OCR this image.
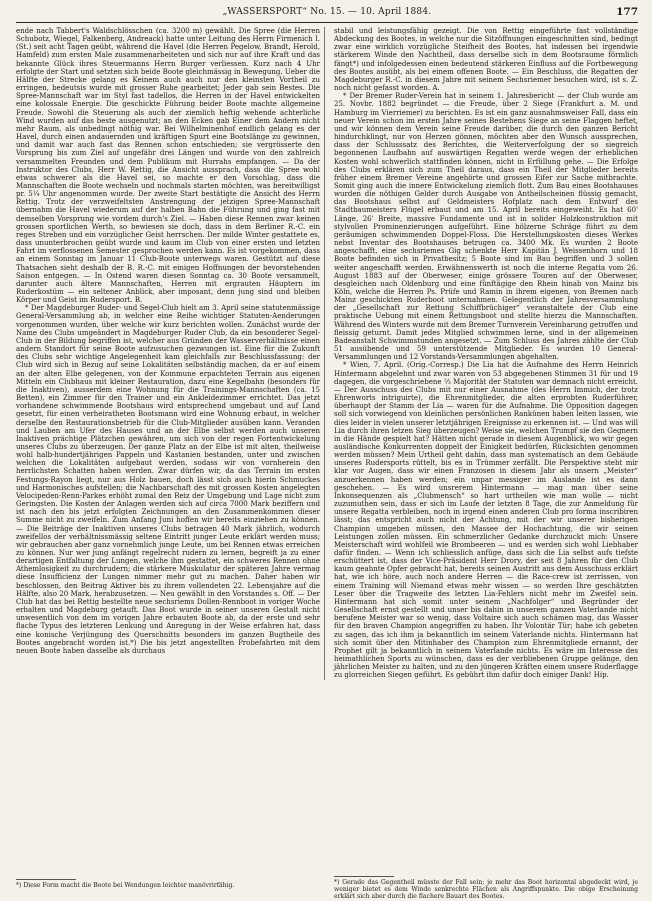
„WASSERSPORT“ No. 15. — 10. April 1884.	177

ende nach Tabbert's Waldschlösschen (ca. 3200 m) gewählt. Die Spree (die Herren Schubotz, Wiegel, Falkenberg, Andreack) hatte unter Leitung des Herrn Firmenich I. (St.) seit acht Tagen geübt, während die Havel (die Herren Pegelow, Brandt, Herold, Hamfeld) zum ersten Male zusammenarbeiteten und sich nur auf ihre Kraft und das bekannte Glück ihres Steuermanns Herrn Burger verliessen. Kurz nach 4 Uhr erfolgte der Start und setzten sich beide Boote gleichmässig in Bewegung. Ueber die Hälfte der Strecke gelang es Keinem auch auch nur den kleinsten Vortheil zu erringen, bedeutsis wurde mit grosser Ruhe gearbeitet; Jeder gab sein Bestes. Die Spree-Mannschaft war im Styl fast tadellos, die Herren in der Havel entwickelten eine kolossale Energie. Die geschickte Führung beider Boote machte allgemeine Freude. Sowohl die Steuerung als auch der ziemlich heftig wehende achterliche Wind wurden auf das beste ausgenutzt; an den Ecken gab Einer dem Andern nicht mehr Raum, als unbedingt nöthig war. Bei Wilhelminenhof endlich gelang es der Havel, durch einen andauernden und kräftigen Spurt eine Bootslänge zu gewinnen, und damit war auch fast das Rennen schon entschieden; sie vergrösserte den Vorsprung bis zum Ziel auf ungefähr drei Längen und wurde von den zahlreich versammelten Freunden und dem Publikum mit Hurrahs empfangen. — Da der Instruktor des Clubs, Herr W. Rettig, die Ansicht aussprach, dass die Spree wohl etwas schwerer als die Havel sei, so machte er den Vorschlag, dass die Mannschaften die Boote wechseln und nochmals starten möchten, was bereitwilligst pr. 5¼ Uhr angenommen wurde. Der zweite Start bestätigte die Ansicht des Herrn Rettig. Trotz der verzweifeltsten Anstrengung der jetzigen Spree-Mannschaft übernahm die Havel wiederum auf der halben Bahn die Führung und ging fast mit demselben Vorsprung wie vordem durch's Ziel. — Haben diese Rennen zwar keinen grossen sportlichen Werth, so bewiesen sie doch, dass in dem Berliner R.-C. ein reges Streben und ein vorzüglicher Geist herrschen. Der milde Winter gestattete es, dass ununterbrochen geübt wurde und kaum im Club von einer ersten und letzten Fahrt im verflossenen Semester gesprochen werden kann. Es ist vorgekommen, dass an einem Sonntag im Januar 11 Club-Boote unterwegs waren. Gestützt auf diese Thatsachen sieht deshalb der B. R.-C. mit einigen Hoffnungen der bevorstehenden Saison entgegen. — In Ostend waren diesen Sonntag ca. 30 Boote versammelt, darunter auch ältere Mannschaften, Herren mit ergrauten Häuptern im Ruderkostüm — ein seltener Anblick, aber imposant, denn jung sind und bleiben Körper und Geist im Rudersport. B.

* Der Magdeburger Ruder- und Segel-Club hielt am 3. April seine statutenmässige General-Versammlung ab, in welcher eine Reihe wichtiger Statuten-Aenderungen vorgenommen wurden, über welche wir kurz berichten wollen. Zunächst wurde der Name des Clubs umgeändert in Magdeburger Ruder Club, da ein besonderer Segel-Club in der Bildung begriffen ist, welcher aus Gründen der Wasserverhältnisse einen andern Standort für seine Boote aufzusuchen gezwungen ist. Eine für die Zukunft des Clubs sehr wichtige Angelegenheit kam gleichfalls zur Beschlussfassung: der Club wird sich in Bezug auf seine Lokalitäten selbständig machen, da er auf einem an der alten Elbe gelegenen, von der Kommune erpachteten Terrain aus eigenen Mitteln ein Clubhaus mit kleiner Restauration, dazu eine Kegelbahn (besonders für die Inaktiven), ausserdem eine Wohnung für die Trainings-Mannschaften (ca. 15 Betten), ein Zimmer für den Trainer und ein Ankleidezimmer errichtet. Das jetzt vorhandene schwimmende Bootshaus wird entsprechend umgebaut und auf Land gesetzt, für einen verheiratheten Bootsmann wird eine Wohnung erbaut, in welcher derselbe den Restaurationsbetrieb für die Club-Mitglieder ausüben kann. Veranden und Lauben am Ufer des Hauses und an der Elbe selbst werden auch unseren Inaktiven prächtige Plätzchen gewähren, um sich von der regen Fortentwickelung unseres Clubs zu überzeugen. Der ganze Platz an der Elbe ist mit alten, theilweise wohl halb-hundertjährigen Pappeln und Kastanien bestanden, unter und zwischen welchen die Lokalitäten aufgebaut werden, sodass wir von vornherein den herrlichsten Schatten haben werden. Zwar dürfen wir, da das Terrain im ersten Festungs-Rayon liegt, nur aus Holz bauen, doch lässt sich auch hierin Schmuckes und Harmonisches aufstellen; die Nachbarschaft des mit grossen Kosten angelegten Velocipeden-Renn-Parkes erhöht zumal den Reiz der Umgebung und Lage nicht zum Geringsten. Die Kosten der Anlagen werden sich auf circa 7000 Mark beziffern und ist nach den bis jetzt erfolgten Zeichnungen an den Zusammenkommen dieser Summe nicht zu zweifeln. Zum Anfang Juni hoffen wir bereits einziehen zu können. — Die Beiträge der Inaktiven unseres Clubs betragen 40 Mark jährlich, wodurch zweifellos der verhältnissmässig seltene Eintritt junger Leute erklärt werden muss; wir gebrauchen aber ganz vornehmlich junge Leute, um bei Rennen etwas erreichen zu können. Nur wer jung anfängt regelrecht rudern zu lernen, begreift ja zu einer derartigen Entfaltung der Lungen, welche ihm gestattet, ein schweres Rennen ohne Athemlosigkeit zu durchrudern; die stärkere Muskulatur der späteren Jahre vermag diese Insufficienz der Lungen nimmer mehr gut zu machen. Daher haben wir beschlossen, den Beitrag Aktiver bis zu ihrem vollendeten 22. Lebensjahre auf die Hälfte, also 20 Mark, herabzusetzen. — Neu gewählt in den Vorstandes s. Off. — Der Club hat das bei Rettig bestellte neue sechsriems Dollen-Rennboot in voriger Woche erhalten und Magdeburg getauft. Das Boot wurde in seiner unseren Gestalt nicht unwesentlich von dem im vorigen Jahre erbauten Boote ab, da der erste und sehr flache Typus des letzteren Lenkung und Anregung in der Weise erfahren hat, dass eine konische Verjüngung des Querschnitts besonders im ganzen Bugtheile des Bootes angebracht worden ist.*) Die bis jetzt angestellten Probefahrten mit dem neuen Boote haben dasselbe als durchaus

*) Diese Form macht die Boote bei Wendungen leichter manövrirfähig.

stabil und leistungsfähig gezeigt. Die von Rettig eingeführte fast vollständige Abdeckung des Bootes, in welche nur die Sitzöffnungen eingeschnitten sind, bedingt zwar eine wirklich vorzügliche Steifheit des Bootes, hat indessen bei irgendwie stärkerem Winde den Nachtheil, dass derselbe sich in dem Bootsraume förmlich fängt*) und infolgedessen einen bedeutend stärkeren Einfluss auf die Fortbewegung des Bootes ausübt, als bei einem offenen Boote. — Ein Beschluss, die Regatten der Magdeburger R.-C. in diesem Jahre mit seinem Sechsriemer besuchen wird, ist s. Z. noch nicht gefasst worden. A.

* Der Bremer Ruder-Verein hat in seinem 1. Jahresbericht — der Club wurde am 25. Novbr. 1882 begründet — die Freude, über 2 Siege (Frankfurt a. M. und Hamburg im Vierriemer) zu berichten. Es ist ein ganz ausnahmsweiser Fall, dass ein neuer Verein schon im ersten Jahre seines Bestehens Siege an seine Flaggen heftet, und wir können dem Verein seine Freude darüber, die durch den ganzen Bericht hindurchklingt, nur von Herzen gönnen, möchten aber den Wunsch aussprechen, dass der Schlusssatz des Berichtes, die Weiterverfolgung der so siegreich begonnenen Laufbahn auf auswärtigen Regatten werde wegen der erheblichen Kosten wohl schwerlich stattfinden können, nicht in Erfüllung gehe. — Die Erfolge des Clubs erklären sich zum Theil daraus, dass ein Theil der Mitglieder bereits früher einem Bremer Vereine angehörte und grossen Eifer zur Sache mitbrachte. Somit ging auch die innere Entwickelung ziemlich flott. Zum Bau eines Bootshauses wurden die nöthigen Gelder durch Ausgabe von Antheilscheinen flüssig gemacht, das Bootshaus selbst auf Geldmeisters Hofplatz nach dem Entwurf des Stadtbaumeisters Flügel erbaut und am 15. April bereits eingeweiht. Es hat 60' Länge, 26' Breite, massive Fundamente und ist in solider Holzkonstruktion mit stylvollen Prominenzierungen aufgeführt. Eine hölzerne Schräge führt zu dem geräumigen schwimmenden Doppel-Floss. Die Herstellungskosten dieses Werkes nebst Inventar des Bootshauses betrugen ca. 3400 Mk. Es wurden 2 Boote angeschafft, eine sechsriemes Gig schenkte Herr Kapitän J. Weissenhorn und 18 Boote befinden sich in Privatbesitz; 5 Boote sind im Bau begriffen und 3 sollen weiter angeschafft werden. Erwähnenswerth ist noch die interne Regatta vom 26. August 1883 auf der Oberweser, einige grössere Touren auf der Oberweser, desgleichen nach Oldenburg und eine fünftägige den Rhein hinab von Mainz bis Köln, welche die Herren Ps. Prüfe und Ramin in ihrem eigenen, von Bremen nach Mainz geschickten Ruderboot unternahmen. Gelegentlich der Jahresversammlung der „Gesellschaft zur Rettung Schiffbrüchiger“ veranstaltete der Club eine praktische Uebung mit einem Rettungsboot und stellte hierzu die Mannschaften. Während des Winters wurde mit dem Bremer Turnverein Vereinbarung getroffen und fleissig geturnt. Damit jedes Mitglied schwimmen lerne, sind in der allgemeinen Badeanstalt Schwimmstunden angesetzt. — Zum Schluss des Jahres zählte der Club 51 ausübende und 59 unterstützende Mitglieder. Es wurden 10 General-Versammlungen und 12 Vorstands-Versammlungen abgehalten.

* Wien, 7. April. (Orig.-Corresp.) Die Lia hat die Aufnahme des Herrn Heinrich Hintermann abgelehnt und zwar waren von 53 abgegebenen Stimmen 31 für und 19 dagegen, die vorgeschriebene ⅔ Majorität der Statuten war demnach nicht erreicht. — Der Ausschuss des Clubs mit nur einer Ausnahme (des Herrn Immich, der trotz Ehrenworts intriguirte), die Ehrenmitglieder, die alten erprobten Ruderführer, überhaupt der Stamm der Lia — waren für die Aufnahme. Die Opposition dagegen soll sich vorwiegend von kleinlichen persönlichen Rankünen haben leiten lassen, wie dies leider in vielen unserer letztjährigen Ereignisse zu erkennen ist. — Und was will Lia durch ihren letzen Sieg überzeugen? Weise sie, welchen Trumpf sie den Gegnern in die Hände gespielt hat? Hätten nicht gerade in diesem Augenblick, wo wir gegen ausländische Konkurrenten doppelt der Einigkeit bedürfen, Rücksichten genommen werden müssen? Mein Urtheil geht dahin, dass man systematisch an dem Gebäude unseres Rudersports rüttelt, bis es in Trümmer zerfällt. Die Perspektive steht mir klar vor Augen, dass wir einen Franzosen in diesem Jahr als unsern „Meister“ anzuerkennen haben werden; ein unpar messiger im Auslande ist es dann geschehen. — Es wird unsrerem Hintermann — mag man über seine Inkonsequenzen als „Clubmensch“ so hart urtheilen wie man wolle — nicht zuzumuthen sein, dass er sich im Laufe der letzten 8 Tage, die zur Anmeldung für unsere Regatta verbleiben, noch in irgend einen anderen Club pro forma inscribiren lässt; das entspricht auch nicht der Achtung, mit der wir unserer bisherigen Champion umgeben müssen, den Massee der Hochachtung, die wir seinen Leistungen zollen müssen. Ein schmerzlicher Gedanke durchzuckt mich: Unsere Meisterschaft wird wohlfeil wie Brombeeren — und es werden sich wohl Liebhaber dafür finden. — Wenn ich schliesslich anfüge, dass sich die Lia selbst aufs tiefste erschüttert ist, dass der Vice-Präsident Herr Drory, der seit 8 Jahren für den Club kaum geahnte Opfer gebracht hat, bereits seinen Austritt aus dem Ausschuss erklärt hat, wie ich höre, auch noch andere Herren — die Race-crew ist zerrissen, von einem Training will Niemand etwas mehr wissen — so werden Ihre geschätzten Leser über die Tragweite des letzten Lia-Fehlers nicht mehr im Zweifel sein. Hintermann hat sich somit unter seinem „Nachfolger“ und Begründer der Gesellschaft ernst gestellt und unser bis dahin in unserem ganzen Vaterlande nicht berufene Meister war so wenig, dass Voltaire sich auch schämen mag, das Wasser für den braven Champion angegriffen zu haben. Ihr Volontär Tür; habe ich gebeten zu sagen, das ich ihm ja bekanntlich im seinem Vaterlande nichts. Hintermann hat sich somit über den Mitinhaber des Champion zum Ehrenmitgliede ernannt, der Prophet gilt ja bekanntlich in seinem Vaterlande nichts. Es wäre im Interesse des heimathlichen Sports zu wünschen, dass es der verbliebenen Gruppe gelänge, den jährlichen Meister zu halten, und zu den jüngeren Kräften einem unsere Ruderflagge zu glorreichen Siegen geführt. Es gebührt ihm dafür doch einiger Dank! Hip.

*) Gerade das Gegentheil müsste der Fall sein; je mehr das Boot horizontal abgedeckt wird, je weniger bietet es dem Winde senkrechte Flächen als Angriffspunkte. Die obige Erscheinung erklärt sich aber durch die flachere Bauart des Bootes.
